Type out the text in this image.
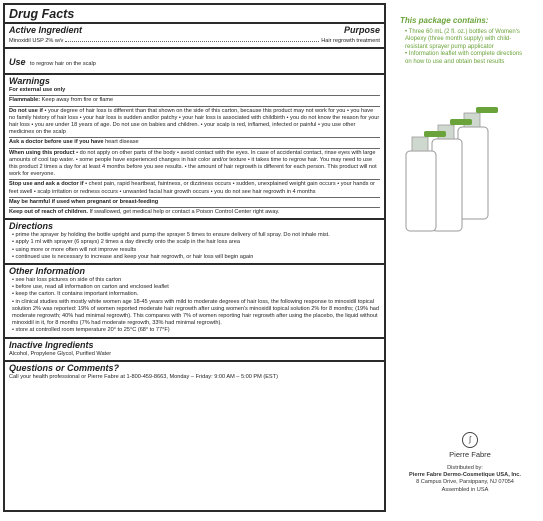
Drug Facts
Active Ingredient	Purpose
Minoxidil USP 2% w/v	Hair regrowth treatment
Use to regrow hair on the scalp
Warnings
For external use only
Flammable: Keep away from fire or flame
Do not use if • your degree of hair loss is different than that shown on the side of this carton, because this product may not work for you • you have no family history of hair loss • your hair loss is sudden and/or patchy • your hair loss is associated with childbirth • you do not know the reason for your hair loss • you are under 18 years of age. Do not use on babies and children. • your scalp is red, inflamed, infected or painful • you use other medicines on the scalp
Ask a doctor before use if you have heart disease
When using this product • do not apply on other parts of the body • avoid contact with the eyes. In case of accidental contact, rinse eyes with large amounts of cool tap water. • some people have experienced changes in hair color and/or texture • it takes time to regrow hair. You may need to use this product 2 times a day for at least 4 months before you see results. • the amount of hair regrowth is different for each person. This product will not work for everyone.
Stop use and ask a doctor if • chest pain, rapid heartbeat, faintness, or dizziness occurs • sudden, unexplained weight gain occurs • your hands or feet swell • scalp irritation or redness occurs • unwanted facial hair growth occurs • you do not see hair regrowth in 4 months
May be harmful if used when pregnant or breast-feeding
Keep out of reach of children. If swallowed, get medical help or contact a Poison Control Center right away.
Directions
• prime the sprayer by holding the bottle upright and pump the sprayer 5 times to ensure delivery of full spray. Do not inhale mist.
• apply 1 ml with sprayer (6 sprays) 2 times a day directly onto the scalp in the hair loss area
• using more or more often will not improve results
• continued use is necessary to increase and keep your hair regrowth, or hair loss will begin again
Other Information
• see hair loss pictures on side of this carton
• before use, read all information on carton and enclosed leaflet
• keep the carton. It contains important information.
• in clinical studies with mostly white women age 18-45 years with mild to moderate degrees of hair loss, the following response to minoxidil topical solution 2% was reported: 19% of women reported moderate hair regrowth after using women's minoxidil topical solution 2% for 8 months; (19% had moderate regrowth; 40% had minimal regrowth). This compares with 7% of women reporting hair regrowth after using the placebo, the liquid without minoxidil in it, for 8 months (7% had moderate regrowth, 33% had minimal regrowth).
• store at controlled room temperature 20° to 25°C (68° to 77°F)
Inactive Ingredients
Alcohol, Propylene Glycol, Purified Water
Questions or Comments?
Call your health professional or Pierre Fabre at 1-800-459-8663, Monday – Friday: 9:00 AM – 5:00 PM (EST)
This package contains:
• Three 60 mL (2 fl. oz.) bottles of Women's Alopexy (three month supply) with child-resistant sprayer pump applicator
• Information leaflet with complete directions on how to use and obtain best results
ʃ
Pierre Fabre
Distributed by:
Pierre Fabre Dermo-Cosmetique USA, Inc.
8 Campus Drive, Parsippany, NJ 07054
Assembled in USA
